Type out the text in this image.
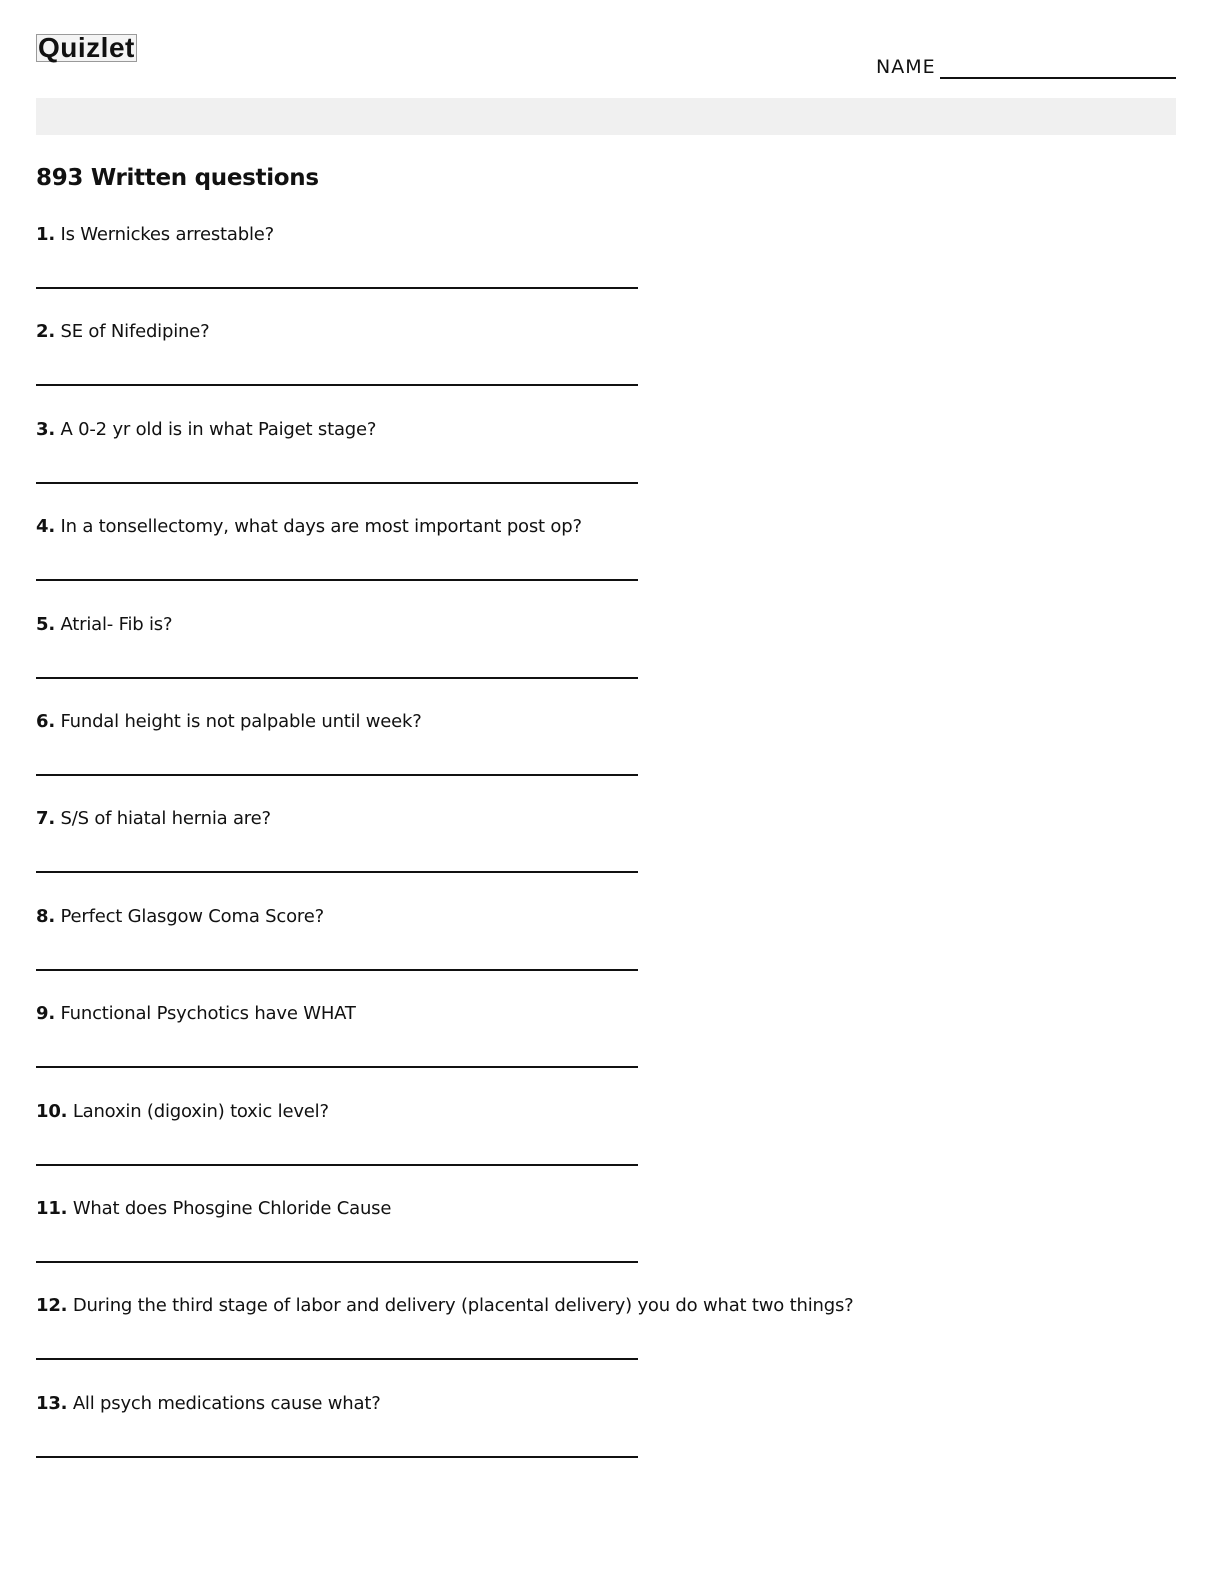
Quizlet
NAME
893 Written questions
1. Is Wernickes arrestable?
2. SE of Nifedipine?
3. A 0-2 yr old is in what Paiget stage?
4. In a tonsellectomy, what days are most important post op?
5. Atrial- Fib is?
6. Fundal height is not palpable until week?
7. S/S of hiatal hernia are?
8. Perfect Glasgow Coma Score?
9. Functional Psychotics have WHAT
10. Lanoxin (digoxin) toxic level?
11. What does Phosgine Chloride Cause
12. During the third stage of labor and delivery (placental delivery) you do what two things?
13. All psych medications cause what?
